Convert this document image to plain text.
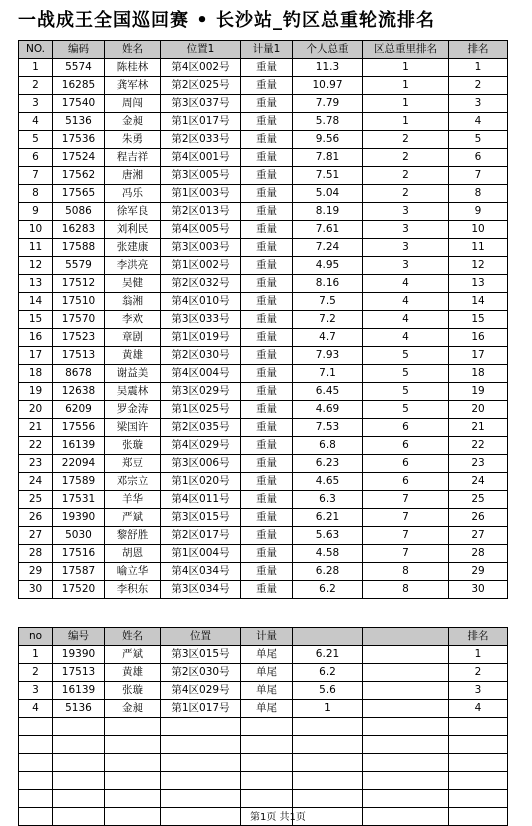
一战成王全国巡回赛 • 长沙站_钓区总重轮流排名
NO.	编码	姓名	位置1	计量1	个人总重	区总重里排名	排名
1	5574	陈桂林	第4区002号	重量	11.3	1	1
2	16285	龚军林	第2区025号	重量	10.97	1	2
3	17540	周闯	第3区037号	重量	7.79	1	3
4	5136	金昶	第1区017号	重量	5.78	1	4
5	17536	朱勇	第2区033号	重量	9.56	2	5
6	17524	程吉祥	第4区001号	重量	7.81	2	6
7	17562	唐湘	第3区005号	重量	7.51	2	7
8	17565	冯乐	第1区003号	重量	5.04	2	8
9	5086	徐军良	第2区013号	重量	8.19	3	9
10	16283	刘利民	第4区005号	重量	7.61	3	10
11	17588	张建康	第3区003号	重量	7.24	3	11
12	5579	李洪亮	第1区002号	重量	4.95	3	12
13	17512	吴健	第2区032号	重量	8.16	4	13
14	17510	翁湘	第4区010号	重量	7.5	4	14
15	17570	李欢	第3区033号	重量	7.2	4	15
16	17523	章剧	第1区019号	重量	4.7	4	16
17	17513	黄雄	第2区030号	重量	7.93	5	17
18	8678	谢益美	第4区004号	重量	7.1	5	18
19	12638	吴震林	第3区029号	重量	6.45	5	19
20	6209	罗金涛	第1区025号	重量	4.69	5	20
21	17556	梁国许	第2区035号	重量	7.53	6	21
22	16139	张璇	第4区029号	重量	6.8	6	22
23	22094	郑豆	第3区006号	重量	6.23	6	23
24	17589	邓宗立	第1区020号	重量	4.65	6	24
25	17531	羊华	第4区011号	重量	6.3	7	25
26	19390	严斌	第3区015号	重量	6.21	7	26
27	5030	黎舒胜	第2区017号	重量	5.63	7	27
28	17516	胡恩	第1区004号	重量	4.58	7	28
29	17587	喻立华	第4区034号	重量	6.28	8	29
30	17520	李积东	第3区034号	重量	6.2	8	30
no	编号	姓名	位置	计量			排名
1	19390	严斌	第3区015号	单尾	6.21		1
2	17513	黄雄	第2区030号	单尾	6.2		2
3	16139	张璇	第4区029号	单尾	5.6		3
4	5136	金昶	第1区017号	单尾	1		4

第1页 共1页
